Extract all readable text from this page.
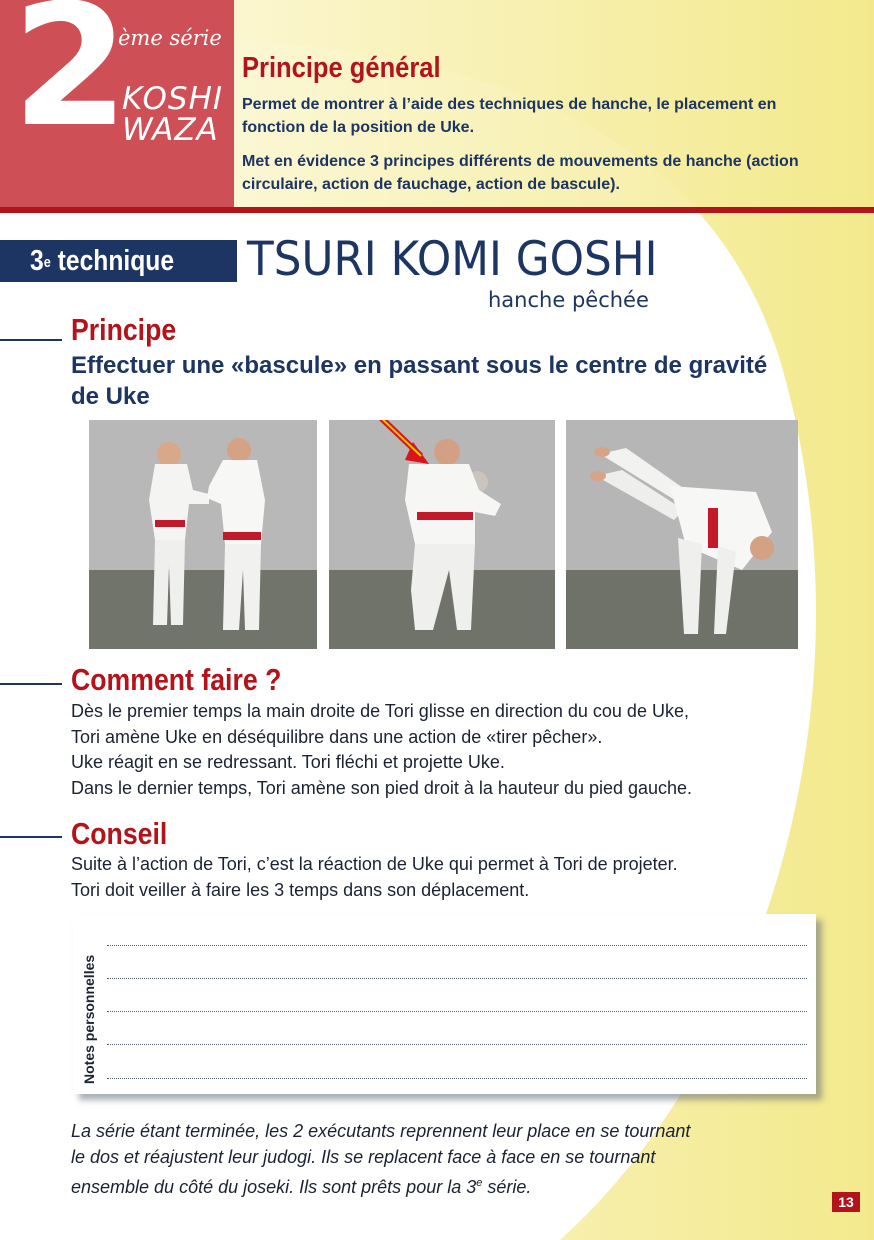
2
ème série
KOSHI
WAZA
Principe général

Permet de montrer à l’aide des techniques de hanche, le placement en fonction de la position de Uke.

Met en évidence 3 principes différents de mouvements de hanche (action circulaire, action de fauchage, action de bascule).

3e technique TSURI KOMI GOSHI
hanche pêchée
Principe
Effectuer une «bascule» en passant sous le centre de gravité de Uke
Comment faire ?
Dès le premier temps la main droite de Tori glisse en direction du cou de Uke,
Tori amène Uke en déséquilibre dans une action de «tirer pêcher».
Uke réagit en se redressant. Tori fléchi et projette Uke.
Dans le dernier temps, Tori amène son pied droit à la hauteur du pied gauche.
Conseil
Suite à l’action de Tori, c’est la réaction de Uke qui permet à Tori de projeter.
Tori doit veiller à faire les 3 temps dans son déplacement.
Notes personnelles
La série étant terminée, les 2 exécutants reprennent leur place en se tournant
le dos et réajustent leur judogi. Ils se replacent face à face en se tournant
ensemble du côté du joseki. Ils sont prêts pour la 3e série.
13
